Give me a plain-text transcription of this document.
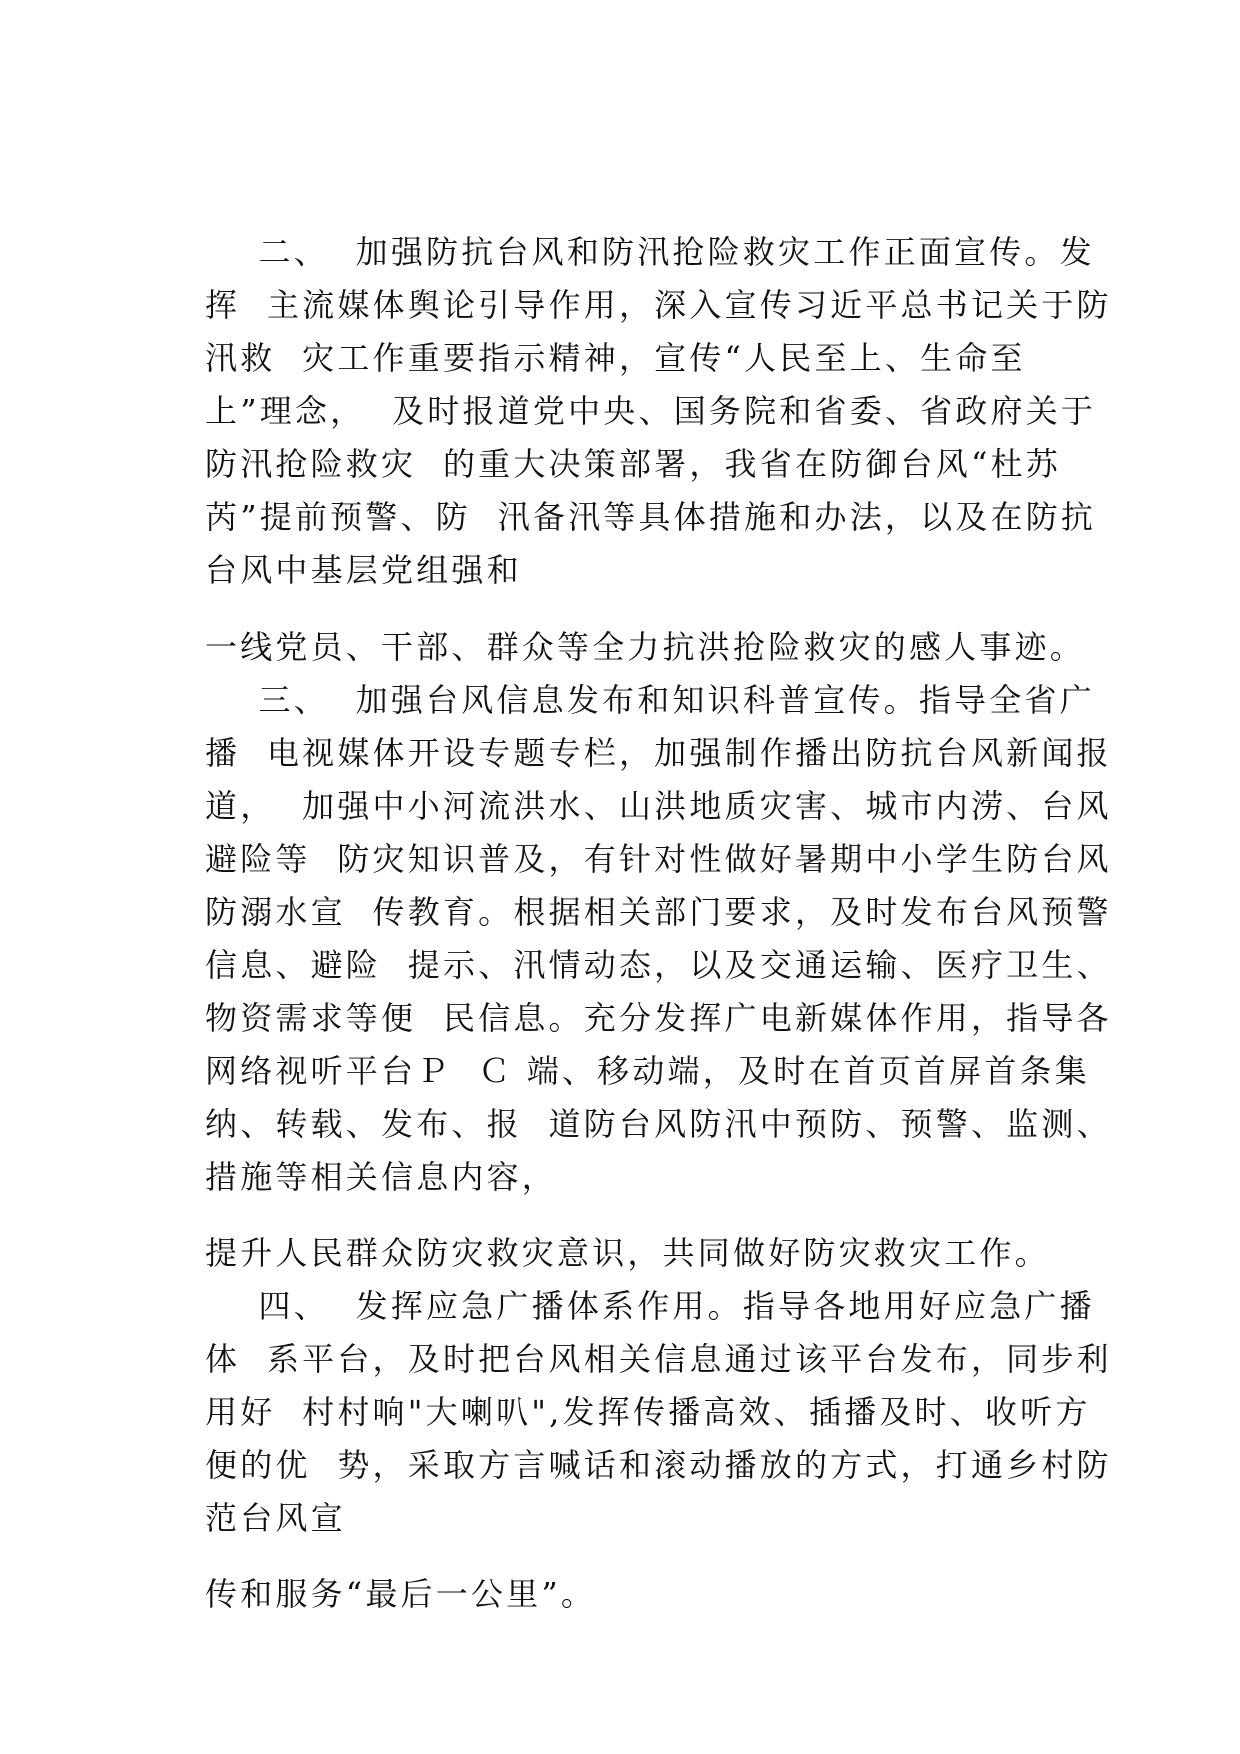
二、  加强防抗台风和防汛抢险救灾工作正面宣传。发
挥  主流媒体舆论引导作用，深入宣传习近平总书记关于防
汛救  灾工作重要指示精神，宣传“人民至上、生命至
上”理念，  及时报道党中央、国务院和省委、省政府关于
防汛抢险救灾  的重大决策部署，我省在防御台风“杜苏
芮”提前预警、防  汛备汛等具体措施和办法，以及在防抗
台风中基层党组强和
一线党员、干部、群众等全力抗洪抢险救灾的感人事迹。
三、  加强台风信息发布和知识科普宣传。指导全省广
播  电视媒体开设专题专栏，加强制作播出防抗台风新闻报
道，  加强中小河流洪水、山洪地质灾害、城市内涝、台风
避险等  防灾知识普及，有针对性做好暑期中小学生防台风
防溺水宣  传教育。根据相关部门要求，及时发布台风预警
信息、避险  提示、汛情动态，以及交通运输、医疗卫生、
物资需求等便  民信息。充分发挥广电新媒体作用，指导各
网络视听平台Ｐ  Ｃ 端、移动端，及时在首页首屏首条集
纳、转载、发布、报  道防台风防汛中预防、预警、监测、
措施等相关信息内容，
提升人民群众防灾救灾意识，共同做好防灾救灾工作。
四、  发挥应急广播体系作用。指导各地用好应急广播
体  系平台，及时把台风相关信息通过该平台发布，同步利
用好  村村响"大喇叭",发挥传播高效、插播及时、收听方
便的优  势，采取方言喊话和滚动播放的方式，打通乡村防
范台风宣
传和服务“最后一公里”。
